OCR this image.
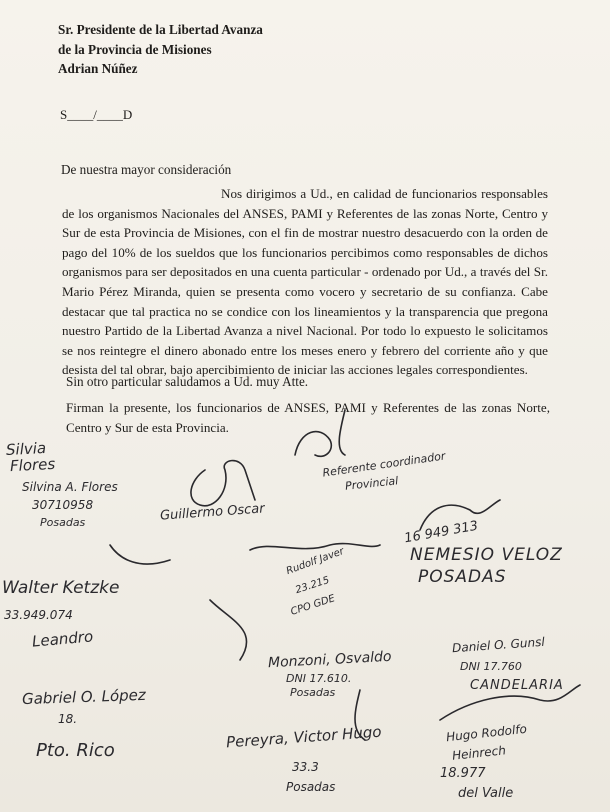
Sr. Presidente de la Libertad Avanza
de la Provincia de Misiones
Adrian Núñez
S____/____D
De nuestra mayor consideración

Nos dirigimos a Ud., en calidad de funcionarios responsables de los organismos Nacionales del ANSES, PAMI y Referentes de las zonas Norte, Centro y Sur de esta Provincia de Misiones, con el fin de mostrar nuestro desacuerdo con la orden de pago del 10% de los sueldos que los funcionarios percibimos como responsables de dichos organismos para ser depositados en una cuenta particular - ordenado por Ud., a través del Sr. Mario Pérez Miranda, quien se presenta como vocero y secretario de su confianza. Cabe destacar que tal practica no se condice con los lineamientos y la transparencia que pregona nuestro Partido de la Libertad Avanza a nivel Nacional. Por todo lo expuesto le solicitamos se nos reintegre el dinero abonado entre los meses enero y febrero del corriente año y que desista del tal obrar, bajo apercibimiento de iniciar las acciones legales correspondientes.

Sin otro particular saludamos a Ud. muy Atte.
Firman la presente, los funcionarios de ANSES, PAMI y Referentes de las zonas Norte, Centro y Sur de esta Provincia.
Silvia
Flores
Silvina A. Flores
30710958
Posadas
Referente coordinador
Provincial
Guillermo Oscar
16 949 313
NEMESIO VELOZ
POSADAS
Rudolf Javer
23.215
CPO GDE
Walter Ketzke
33.949.074
Leandro
Monzoni, Osvaldo
DNI 17.610.
Posadas
Daniel O. Gunsl
DNI 17.760
CANDELARIA
Gabriel O. López
18.
Pto. Rico	Pereyra, Victor Hugo
33.3
Posadas
Hugo Rodolfo
Heinrech
18.977
del Valle
